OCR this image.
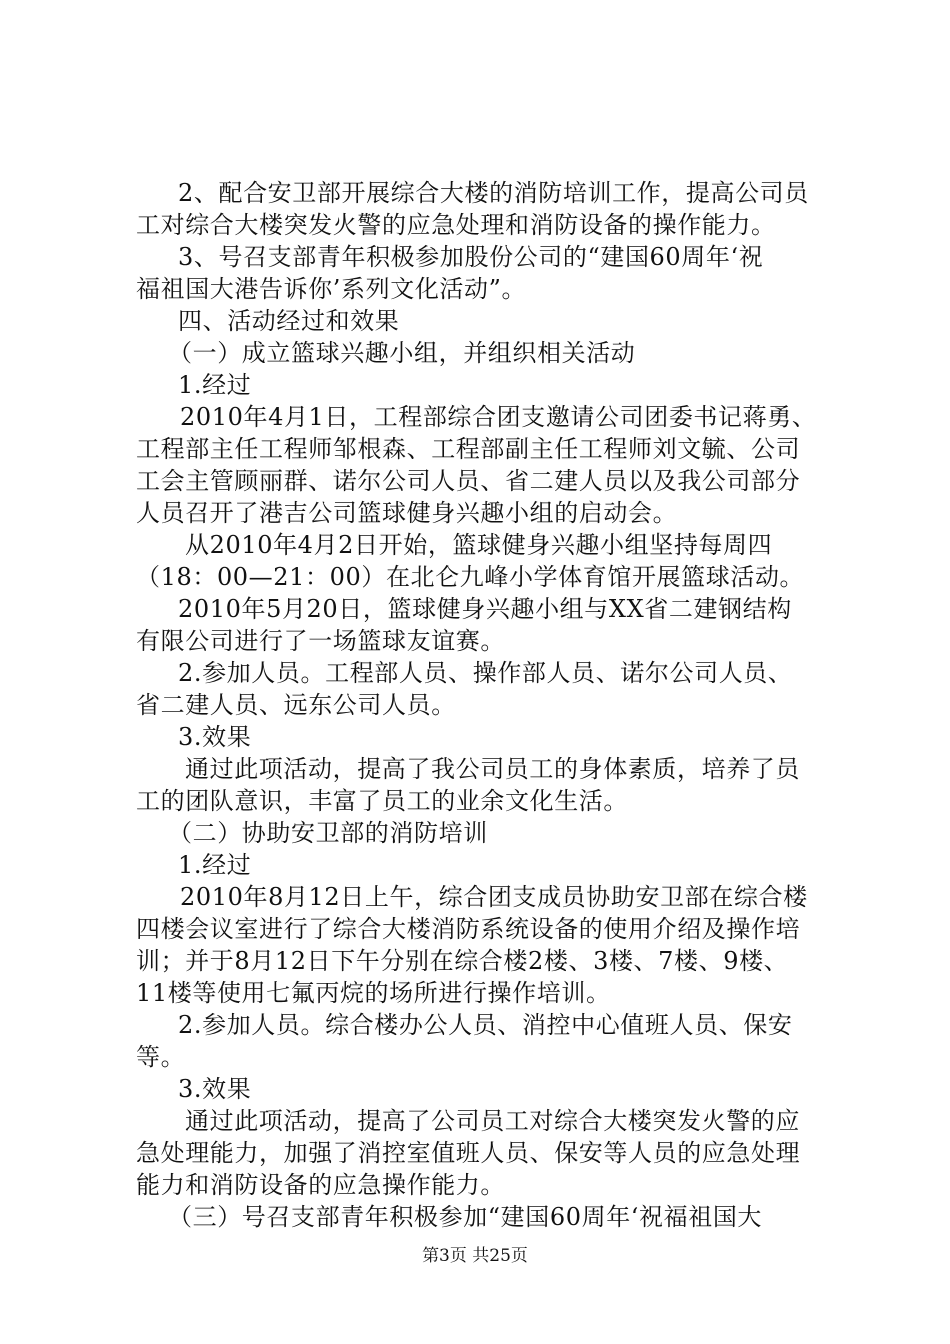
2、配合安卫部开展综合大楼的消防培训工作，提高公司员
工对综合大楼突发火警的应急处理和消防设备的操作能力。
3、号召支部青年积极参加股份公司的“建国60周年‘祝
福祖国大港告诉你’系列文化活动”。
四、活动经过和效果
（一）成立篮球兴趣小组，并组织相关活动
1.经过
2010年4月1日，工程部综合团支邀请公司团委书记蒋勇、
工程部主任工程师邹根森、工程部副主任工程师刘文毓、公司
工会主管顾丽群、诺尔公司人员、省二建人员以及我公司部分
人员召开了港吉公司篮球健身兴趣小组的启动会。
从2010年4月2日开始，篮球健身兴趣小组坚持每周四
（18：00—21：00）在北仑九峰小学体育馆开展篮球活动。
2010年5月20日，篮球健身兴趣小组与XX省二建钢结构
有限公司进行了一场篮球友谊赛。
2.参加人员。工程部人员、操作部人员、诺尔公司人员、
省二建人员、远东公司人员。
3.效果
通过此项活动，提高了我公司员工的身体素质，培养了员
工的团队意识，丰富了员工的业余文化生活。
（二）协助安卫部的消防培训
1.经过
2010年8月12日上午，综合团支成员协助安卫部在综合楼
四楼会议室进行了综合大楼消防系统设备的使用介绍及操作培
训；并于8月12日下午分别在综合楼2楼、3楼、7楼、9楼、
11楼等使用七氟丙烷的场所进行操作培训。
2.参加人员。综合楼办公人员、消控中心值班人员、保安
等。
3.效果
通过此项活动，提高了公司员工对综合大楼突发火警的应
急处理能力，加强了消控室值班人员、保安等人员的应急处理
能力和消防设备的应急操作能力。
（三）号召支部青年积极参加“建国60周年‘祝福祖国大
第3页 共25页
